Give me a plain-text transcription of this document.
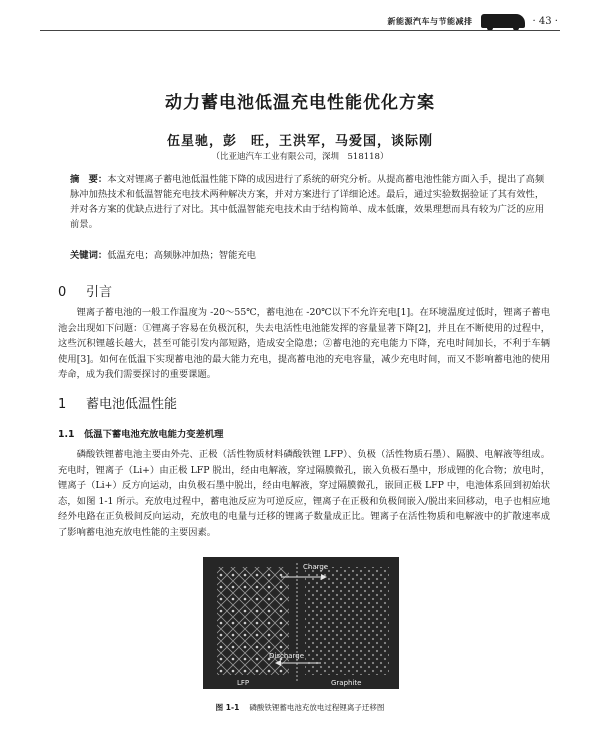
新能源汽车与节能减排	· 43 ·
动力蓄电池低温充电性能优化方案
伍星驰，彭　旺，王洪军，马爱国，谈际刚
（比亚迪汽车工业有限公司，深圳　518118）
摘　要：本文对锂离子蓄电池低温性能下降的成因进行了系统的研究分析。从提高蓄电池性能方面入手，提出了高频脉冲加热技术和低温智能充电技术两种解决方案，并对方案进行了详细论述。最后，通过实验数据验证了其有效性，并对各方案的优缺点进行了对比。其中低温智能充电技术由于结构简单、成本低廉，效果理想而具有较为广泛的应用前景。
关键词：低温充电；高频脉冲加热；智能充电
0 引言
锂离子蓄电池的一般工作温度为 -20～55℃，蓄电池在 -20℃以下不允许充电[1]。在环境温度过低时，锂离子蓄电池会出现如下问题：①锂离子容易在负极沉积，失去电活性电池能发挥的容量显著下降[2]，并且在不断使用的过程中，这些沉积锂越长越大，甚至可能引发内部短路，造成安全隐患；②蓄电池的充电能力下降，充电时间加长，不利于车辆使用[3]。如何在低温下实现蓄电池的最大能力充电，提高蓄电池的充电容量，减少充电时间，而又不影响蓄电池的使用寿命，成为我们需要探讨的重要课题。
1 蓄电池低温性能
1.1 低温下蓄电池充放电能力变差机理
磷酸铁锂蓄电池主要由外壳、正极（活性物质材料磷酸铁锂 LFP）、负极（活性物质石墨）、隔膜、电解液等组成。充电时，锂离子（Li+）由正极 LFP 脱出，经由电解液，穿过隔膜微孔，嵌入负极石墨中，形成锂的化合物；放电时，锂离子（Li+）反方向运动，由负极石墨中脱出，经由电解液，穿过隔膜微孔，嵌回正极 LFP 中，电池体系回到初始状态，如图 1-1 所示。充放电过程中，蓄电池反应为可逆反应，锂离子在正极和负极间嵌入/脱出来回移动，电子也相应地经外电路在正负极间反向运动，充放电的电量与迁移的锂离子数量成正比。锂离子在活性物质和电解液中的扩散速率成了影响蓄电池充放电性能的主要因素。
Charge
Discharge
LFP	Graphite
图 1-1 磷酸铁锂蓄电池充放电过程锂离子迁移图
